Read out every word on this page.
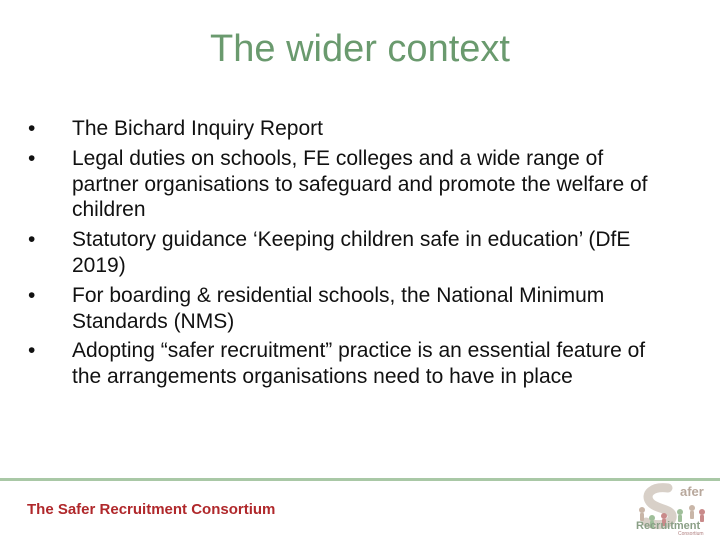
The wider context
•	The Bichard Inquiry Report
•	Legal duties on schools, FE colleges and a wide range of partner organisations to safeguard and promote the welfare of children
•	Statutory guidance ‘Keeping children safe in education’ (DfE 2019)
•	For boarding & residential schools, the National Minimum Standards (NMS)
•	Adopting “safer recruitment” practice is an essential feature of the arrangements organisations need to have in place
The Safer Recruitment Consortium
afer
Recruitment
Consortium
